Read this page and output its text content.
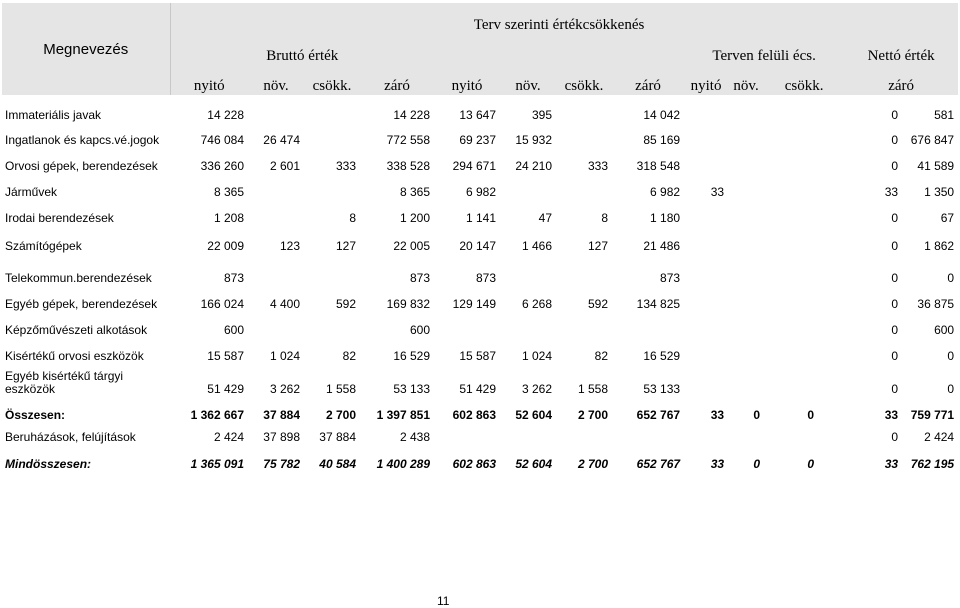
Megnevezés	Bruttó érték				Terv szerinti értékcsökkenés				Terven felüli écs.				Nettó érték		
	nyitó	növ.	csökk.	záró	nyitó	növ.	csökk.	záró	nyitó	növ.	csökk.		záró		
Immateriális javak	14 228			14 228	13 647	395		14 042					0	581	
Ingatlanok és kapcs.vé.jogok	746 084	26 474		772 558	69 237	15 932		85 169					0	676 847	
Orvosi gépek, berendezések	336 260	2 601	333	338 528	294 671	24 210	333	318 548					0	41 589	
Járművek	8 365			8 365	6 982			6 982	33				33	1 350	
Irodai berendezések	1 208		8	1 200	1 141	47	8	1 180					0	67	
Számítógépek	22 009	123	127	22 005	20 147	1 466	127	21 486					0	1 862	
Telekommun.berendezések	873			873	873			873					0	0	
Egyéb gépek, berendezések	166 024	4 400	592	169 832	129 149	6 268	592	134 825					0	36 875	
Képzőművészeti alkotások	600			600									0	600	
Kisértékű orvosi eszközök	15 587	1 024	82	16 529	15 587	1 024	82	16 529					0	0	
Egyéb kisértékű tárgyi eszközök	51 429	3 262	1 558	53 133	51 429	3 262	1 558	53 133					0	0	
Összesen:	1 362 667	37 884	2 700	1 397 851	602 863	52 604	2 700	652 767	33	0	0		33	759 771	
Beruházások, felújítások	2 424	37 898	37 884	2 438									0	2 424	
Mindösszesen:	1 365 091	75 782	40 584	1 400 289	602 863	52 604	2 700	652 767	33	0	0		33	762 195	
11
